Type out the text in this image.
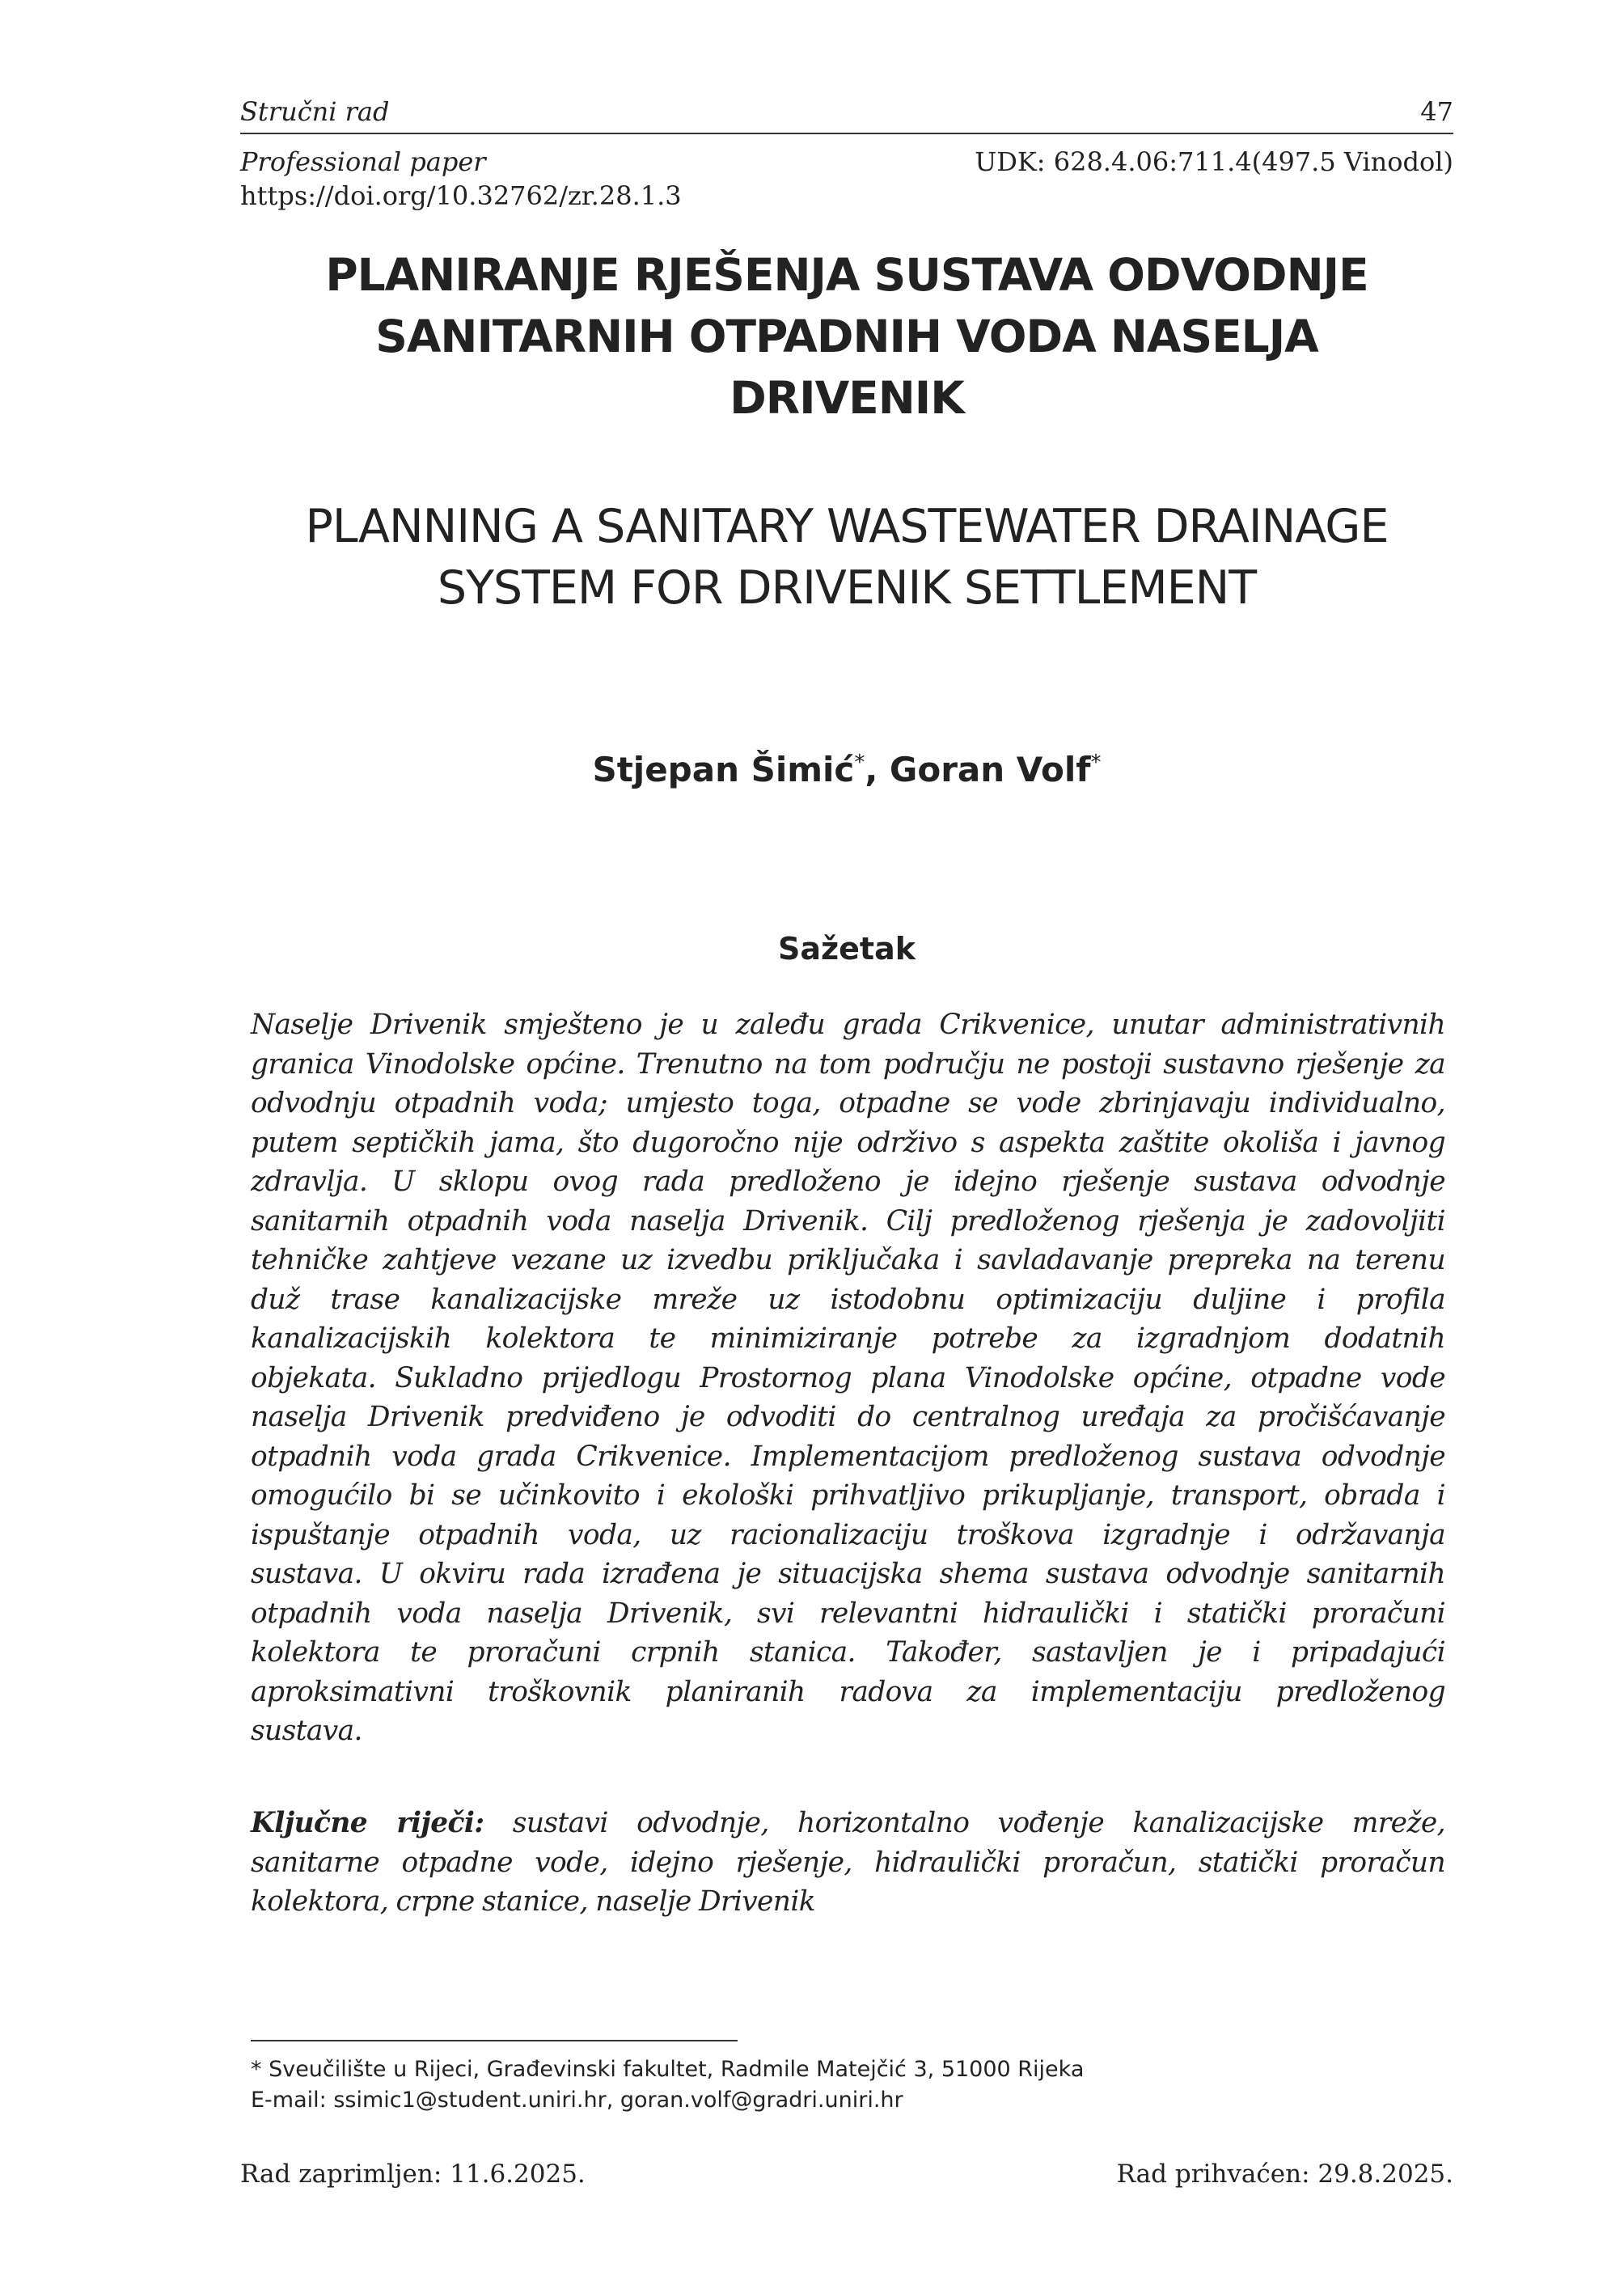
Stručni rad	47
Professional paper	UDK: 628.4.06:711.4(497.5 Vinodol)
https://doi.org/10.32762/zr.28.1.3
PLANIRANJE RJEŠENJA SUSTAVA ODVODNJE
SANITARNIH OTPADNIH VODA NASELJA
DRIVENIK
PLANNING A SANITARY WASTEWATER DRAINAGE
SYSTEM FOR DRIVENIK SETTLEMENT
Stjepan Šimić*, Goran Volf*
Sažetak
Naselje Drivenik smješteno je u zaleđu grada Crikvenice, unutar administrativnih
granica Vinodolske općine. Trenutno na tom području ne postoji sustavno rješenje za
odvodnju otpadnih voda; umjesto toga, otpadne se vode zbrinjavaju individualno,
putem septičkih jama, što dugoročno nije održivo s aspekta zaštite okoliša i javnog
zdravlja. U sklopu ovog rada predloženo je idejno rješenje sustava odvodnje
sanitarnih otpadnih voda naselja Drivenik. Cilj predloženog rješenja je zadovoljiti
tehničke zahtjeve vezane uz izvedbu priključaka i savladavanje prepreka na terenu
duž trase kanalizacijske mreže uz istodobnu optimizaciju duljine i profila
kanalizacijskih kolektora te minimiziranje potrebe za izgradnjom dodatnih
objekata. Sukladno prijedlogu Prostornog plana Vinodolske općine, otpadne vode
naselja Drivenik predviđeno je odvoditi do centralnog uređaja za pročišćavanje
otpadnih voda grada Crikvenice. Implementacijom predloženog sustava odvodnje
omogućilo bi se učinkovito i ekološki prihvatljivo prikupljanje, transport, obrada i
ispuštanje otpadnih voda, uz racionalizaciju troškova izgradnje i održavanja
sustava. U okviru rada izrađena je situacijska shema sustava odvodnje sanitarnih
otpadnih voda naselja Drivenik, svi relevantni hidraulički i statički proračuni
kolektora te proračuni crpnih stanica. Također, sastavljen je i pripadajući
aproksimativni troškovnik planiranih radova za implementaciju predloženog
sustava.
Ključne riječi: sustavi odvodnje, horizontalno vođenje kanalizacijske mreže,
sanitarne otpadne vode, idejno rješenje, hidraulički proračun, statički proračun
kolektora, crpne stanice, naselje Drivenik
* Sveučilište u Rijeci, Građevinski fakultet, Radmile Matejčić 3, 51000 Rijeka
E-mail: ssimic1@student.uniri.hr, goran.volf@gradri.uniri.hr
Rad zaprimljen: 11.6.2025.	Rad prihvaćen: 29.8.2025.
